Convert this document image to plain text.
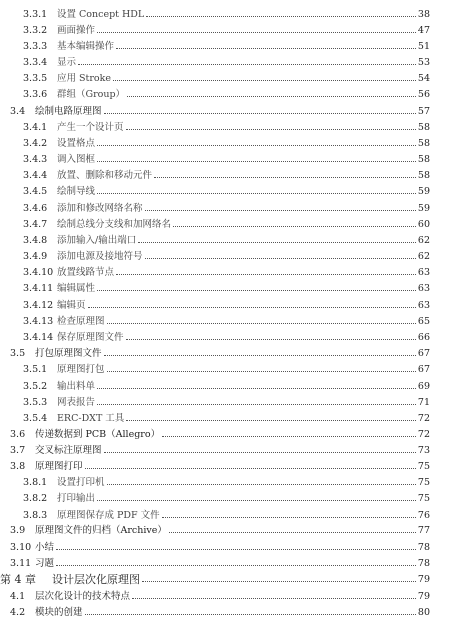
3.3.1 设置 Concept HDL	38
3.3.2 画面操作	47
3.3.3 基本编辑操作	51
3.3.4 显示	53
3.3.5 应用 Stroke	54
3.3.6 群组（Group）	56
3.4 绘制电路原理图	57
3.4.1 产生一个设计页	58
3.4.2 设置格点	58
3.4.3 调入图框	58
3.4.4 放置、删除和移动元件	58
3.4.5 绘制导线	59
3.4.6 添加和修改网络名称	59
3.4.7 绘制总线分支线和加网络名	60
3.4.8 添加输入/输出端口	62
3.4.9 添加电源及接地符号	62
3.4.10 放置线路节点	63
3.4.11 编辑属性	63
3.4.12 编辑页	63
3.4.13 检查原理图	65
3.4.14 保存原理图文件	66
3.5 打包原理图文件	67
3.5.1 原理图打包	67
3.5.2 输出料单	69
3.5.3 网表报告	71
3.5.4 ERC-DXT 工具	72
3.6 传递数据到 PCB（Allegro）	72
3.7 交叉标注原理图	73
3.8 原理图打印	75
3.8.1 设置打印机	75
3.8.2 打印输出	75
3.8.3 原理图保存成 PDF 文件	76
3.9 原理图文件的归档（Archive）	77
3.10 小结	78
3.11 习题	78
第 4 章 设计层次化原理图	79
4.1 层次化设计的技术特点	79
4.2 模块的创建	80
